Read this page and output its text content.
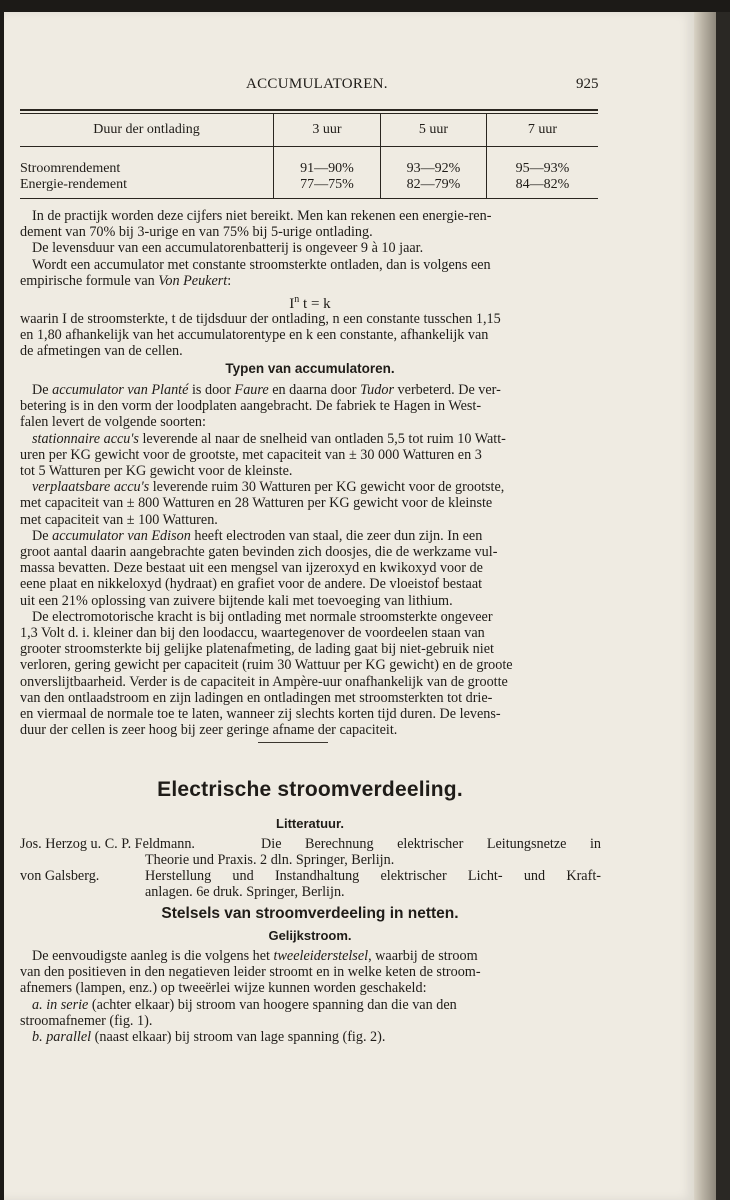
ACCUMULATOREN.	925
Duur der ontlading	3 uur	5 uur	7 uur
Stroomrendement	91—90%	93—92%	95—93%
Energie-rendement	77—75%	82—79%	84—82%

In de practijk worden deze cijfers niet bereikt. Men kan rekenen een energie-ren-

dement van 70% bij 3-urige en van 75% bij 5-urige ontlading.

De levensduur van een accumulatorenbatterij is ongeveer 9 à 10 jaar.

Wordt een accumulator met constante stroomsterkte ontladen, dan is volgens een

empirische formule van Von Peukert:

$I^n$ t = k

waarin I de stroomsterkte, t de tijdsduur der ontlading, n een constante tusschen 1,15

en 1,80 afhankelijk van het accumulatorentype en k een constante, afhankelijk van

de afmetingen van de cellen.

Typen van accumulatoren.

De accumulator van Planté is door Faure en daarna door Tudor verbeterd. De ver-

betering is in den vorm der loodplaten aangebracht. De fabriek te Hagen in West-

falen levert de volgende soorten:

stationnaire accu's leverende al naar de snelheid van ontladen 5,5 tot ruim 10 Watt-

uren per KG gewicht voor de grootste, met capaciteit van ± 30 000 Watturen en 3

tot 5 Watturen per KG gewicht voor de kleinste.

verplaatsbare accu's leverende ruim 30 Watturen per KG gewicht voor de grootste,

met capaciteit van ± 800 Watturen en 28 Watturen per KG gewicht voor de kleinste

met capaciteit van ± 100 Watturen.

De accumulator van Edison heeft electroden van staal, die zeer dun zijn. In een

groot aantal daarin aangebrachte gaten bevinden zich doosjes, die de werkzame vul-

massa bevatten. Deze bestaat uit een mengsel van ijzeroxyd en kwikoxyd voor de

eene plaat en nikkeloxyd (hydraat) en grafiet voor de andere. De vloeistof bestaat

uit een 21% oplossing van zuivere bijtende kali met toevoeging van lithium.

De electromotorische kracht is bij ontlading met normale stroomsterkte ongeveer

1,3 Volt d. i. kleiner dan bij den loodaccu, waartegenover de voordeelen staan van

grooter stroomsterkte bij gelijke platenafmeting, de lading gaat bij niet-gebruik niet

verloren, gering gewicht per capaciteit (ruim 30 Wattuur per KG gewicht) en de groote

onverslijtbaarheid. Verder is de capaciteit in Ampère-uur onafhankelijk van de grootte

van den ontlaadstroom en zijn ladingen en ontladingen met stroomsterkten tot drie-

en viermaal de normale toe te laten, wanneer zij slechts korten tijd duren. De levens-

duur der cellen is zeer hoog bij zeer geringe afname der capaciteit.

Electrische stroomverdeeling.
Litteratuur.
Jos. Herzog u. C. P. Feldmann.	Die Berechnung elektrischer Leitungsnetze in
Theorie und Praxis. 2 dln. Springer, Berlijn.
von Galsberg.	Herstellung und Instandhaltung elektrischer Licht- und Kraft-
anlagen. 6e druk. Springer, Berlijn.
Stelsels van stroomverdeeling in netten.
Gelijkstroom.

De eenvoudigste aanleg is die volgens het tweeleiderstelsel, waarbij de stroom

van den positieven in den negatieven leider stroomt en in welke keten de stroom-

afnemers (lampen, enz.) op tweeërlei wijze kunnen worden geschakeld:

a. in serie (achter elkaar) bij stroom van hoogere spanning dan die van den

stroomafnemer (fig. 1).

b. parallel (naast elkaar) bij stroom van lage spanning (fig. 2).
